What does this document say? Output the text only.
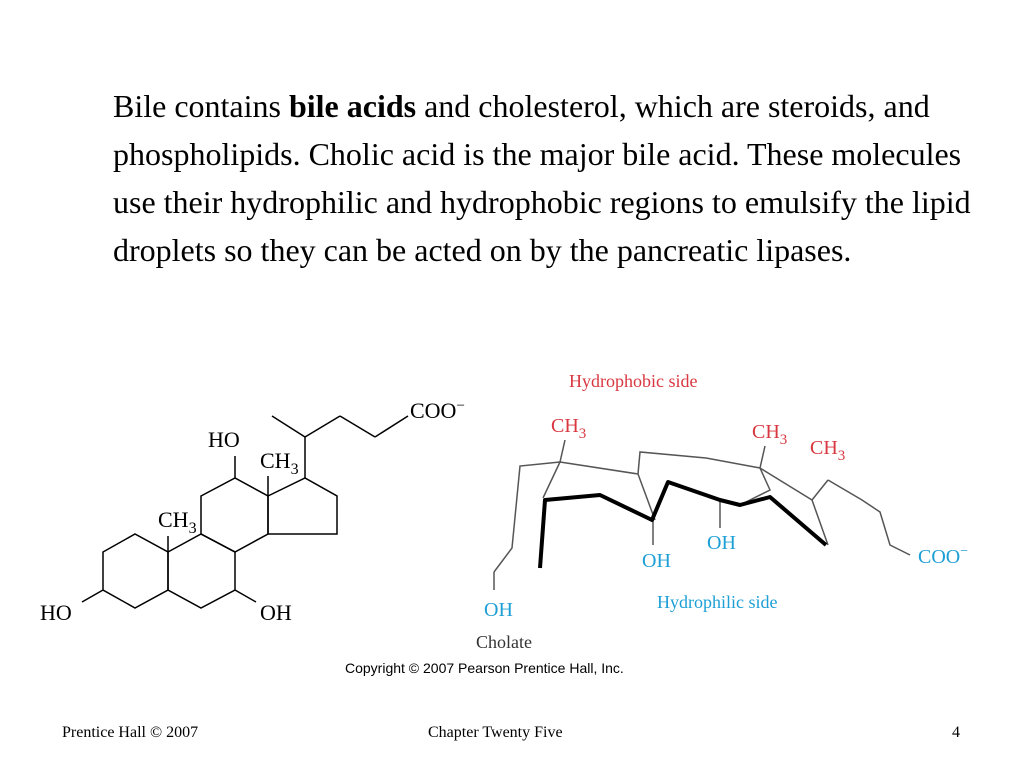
Bile contains bile acids and cholesterol, which are steroids, and phospholipids. Cholic acid is the major bile acid. These molecules use their hydrophilic and hydrophobic regions to emulsify the lipid droplets so they can be acted on by the pancreatic lipases.
COO−
HO
$CH_3$
$CH_3$
HO	OH
Hydrophobic side
$CH_3$	$CH_3$ $CH_3$
OH
OH
OH
COO−
Hydrophilic side
Cholate
Copyright © 2007 Pearson Prentice Hall, Inc.
Prentice Hall © 2007	Chapter Twenty Five	4
